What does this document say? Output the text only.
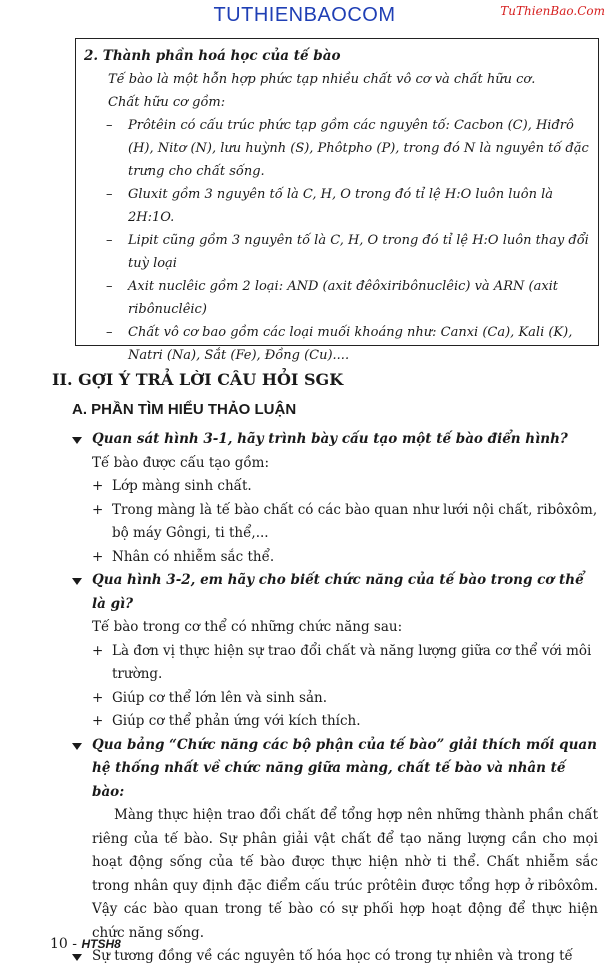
TUTHIENBAOCOM	TuThienBao.Com
2. Thành phần hoá học của tế bào
Tế bào là một hỗn hợp phức tạp nhiều chất vô cơ và chất hữu cơ.
Chất hữu cơ gồm:
– Prôtêin có cấu trúc phức tạp gồm các nguyên tố: Cacbon (C), Hiđrô (H), Nitơ (N), lưu huỳnh (S), Phôtpho (P), trong đó N là nguyên tố đặc trưng cho chất sống.
– Gluxit gồm 3 nguyên tố là C, H, O trong đó tỉ lệ H:O luôn luôn là 2H:1O.
– Lipit cũng gồm 3 nguyên tố là C, H, O trong đó tỉ lệ H:O luôn thay đổi tuỳ loại
– Axit nuclêic gồm 2 loại: AND (axit đêôxiribônuclêic) và ARN (axit ribônuclêic)
– Chất vô cơ bao gồm các loại muối khoáng như: Canxi (Ca), Kali (K), Natri (Na), Sắt (Fe), Đồng (Cu)....
II. GỢI Ý TRẢ LỜI CÂU HỎI SGK
A. PHẦN TÌM HIỂU THẢO LUẬN
Quan sát hình 3-1, hãy trình bày cấu tạo một tế bào điển hình?
Tế bào được cấu tạo gồm:
+ Lớp màng sinh chất.
+ Trong màng là tế bào chất có các bào quan như lưới nội chất, ribôxôm, bộ máy Gôngi, ti thể,...
+ Nhân có nhiễm sắc thể.
Qua hình 3-2, em hãy cho biết chức năng của tế bào trong cơ thể là gì?
Tế bào trong cơ thể có những chức năng sau:
+ Là đơn vị thực hiện sự trao đổi chất và năng lượng giữa cơ thể với môi trường.
+ Giúp cơ thể lớn lên và sinh sản.
+ Giúp cơ thể phản ứng với kích thích.
Qua bảng “Chức năng các bộ phận của tế bào” giải thích mối quan hệ thống nhất về chức năng giữa màng, chất tế bào và nhân tế bào:
Màng thực hiện trao đổi chất để tổng hợp nên những thành phần chất riêng của tế bào. Sự phân giải vật chất để tạo năng lượng cần cho mọi hoạt động sống của tế bào được thực hiện nhờ ti thể. Chất nhiễm sắc trong nhân quy định đặc điểm cấu trúc prôtêin được tổng hợp ở ribôxôm. Vậy các bào quan trong tế bào có sự phối hợp hoạt động để thực hiện chức năng sống.
Sự tương đồng về các nguyên tố hóa học có trong tự nhiên và trong tế
10 - HTSH8
